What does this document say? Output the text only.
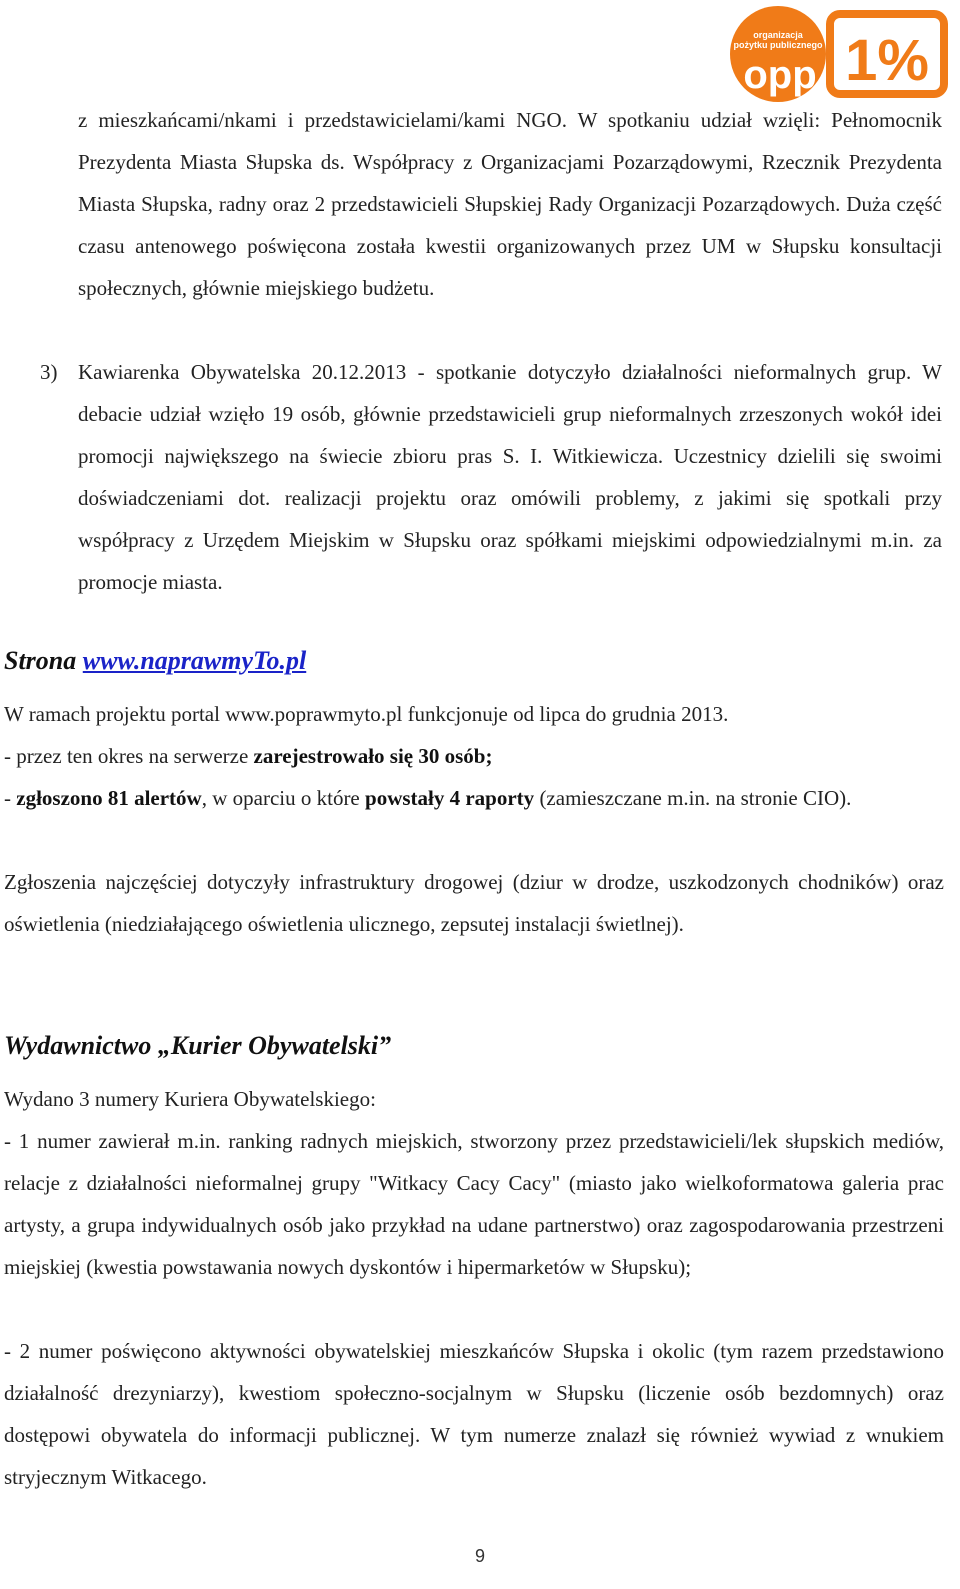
organizacja
pożytku publicznego
opp 1%

z mieszkańcami/nkami i przedstawicielami/kami NGO. W spotkaniu udział wzięli: Pełnomocnik Prezydenta Miasta Słupska ds. Współpracy z Organizacjami Pozarządowymi, Rzecznik Prezydenta Miasta Słupska, radny oraz 2 przedstawicieli Słupskiej Rady Organizacji Pozarządowych. Duża część czasu antenowego poświęcona została kwestii organizowanych przez UM w Słupsku konsultacji społecznych, głównie miejskiego budżetu.

3) Kawiarenka Obywatelska 20.12.2013 - spotkanie dotyczyło działalności nieformalnych grup. W debacie udział wzięło 19 osób, głównie przedstawicieli grup nieformalnych zrzeszonych wokół idei promocji największego na świecie zbioru pras S. I. Witkiewicza. Uczestnicy dzielili się swoimi doświadczeniami dot. realizacji projektu oraz omówili problemy, z jakimi się spotkali przy współpracy z Urzędem Miejskim w Słupsku oraz spółkami miejskimi odpowiedzialnymi m.in. za promocje miasta.
Strona www.naprawmyTo.pl

W ramach projektu portal www.poprawmyto.pl funkcjonuje od lipca do grudnia 2013.

- przez ten okres na serwerze zarejestrowało się 30 osób;

- zgłoszono 81 alertów, w oparciu o które powstały 4 raporty (zamieszczane m.in. na stronie CIO).

Zgłoszenia najczęściej dotyczyły infrastruktury drogowej (dziur w drodze, uszkodzonych chodników) oraz oświetlenia (niedziałającego oświetlenia ulicznego, zepsutej instalacji świetlnej).

Wydawnictwo „Kurier Obywatelski”

Wydano 3 numery Kuriera Obywatelskiego:

- 1 numer zawierał m.in. ranking radnych miejskich, stworzony przez przedstawicieli/lek słupskich mediów, relacje z działalności nieformalnej grupy "Witkacy Cacy Cacy" (miasto jako wielkoformatowa galeria prac artysty, a grupa indywidualnych osób jako przykład na udane partnerstwo) oraz zagospodarowania przestrzeni miejskiej (kwestia powstawania nowych dyskontów i hipermarketów w Słupsku);

- 2 numer poświęcono aktywności obywatelskiej mieszkańców Słupska i okolic (tym razem przedstawiono działalność drezyniarzy), kwestiom społeczno-socjalnym w Słupsku (liczenie osób bezdomnych) oraz dostępowi obywatela do informacji publicznej. W tym numerze znalazł się również wywiad z wnukiem stryjecznym Witkacego.

9
